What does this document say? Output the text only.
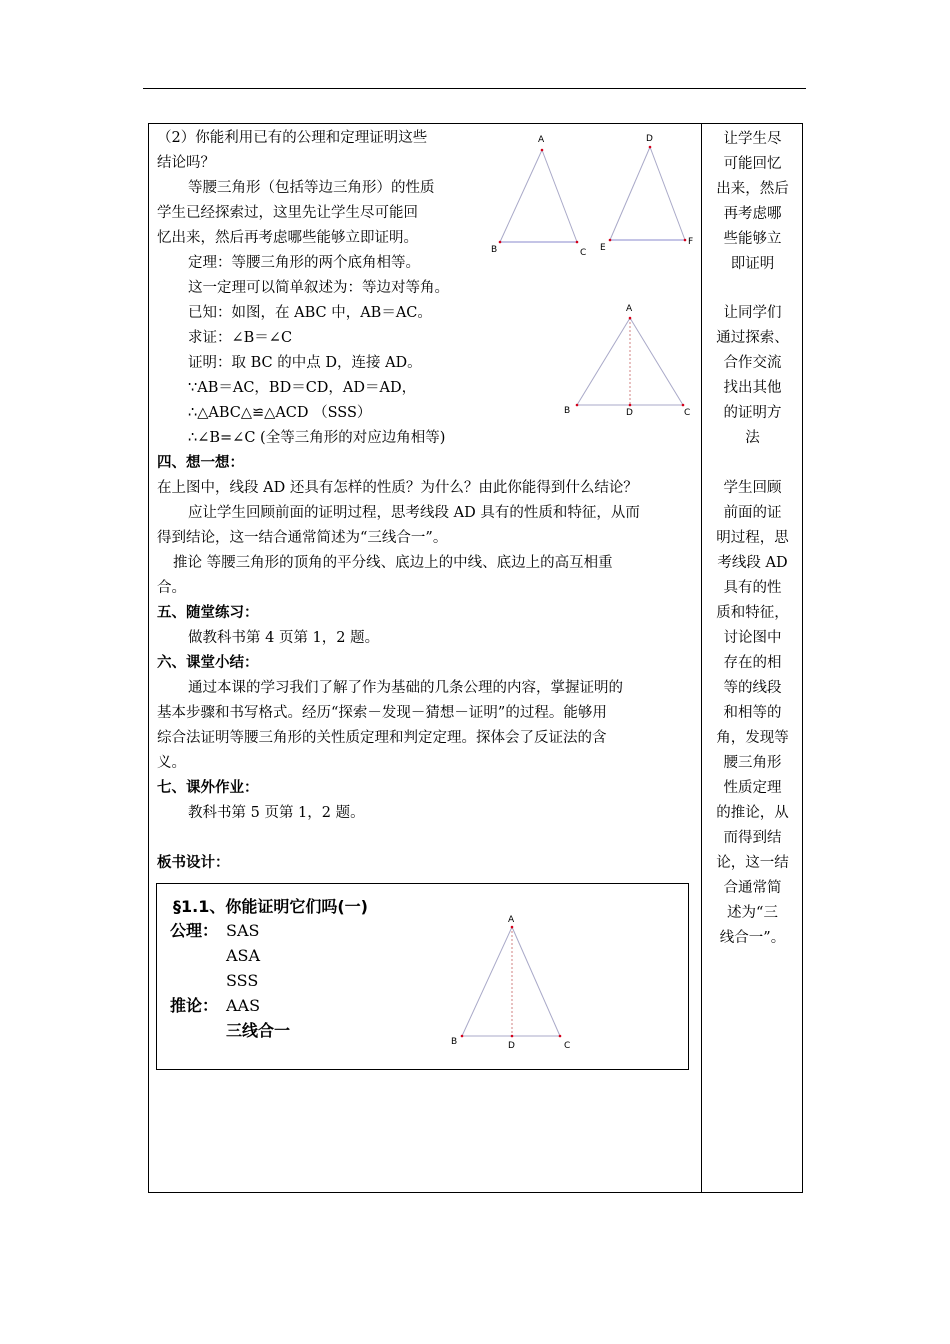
（2）你能利用已有的公理和定理证明这些
结论吗？
等腰三角形（包括等边三角形）的性质
学生已经探索过，这里先让学生尽可能回
忆出来，然后再考虑哪些能够立即证明。
定理：等腰三角形的两个底角相等。
这一定理可以简单叙述为：等边对等角。
已知：如图，在 ABC 中，AB＝AC。
求证：∠B＝∠C
证明：取 BC 的中点 D，连接 AD。
∵AB＝AC，BD＝CD，AD＝AD，
∴△ABC△≌△ACD （SSS）
∴∠B=∠C (全等三角形的对应边角相等)
四、想一想：
在上图中，线段 AD 还具有怎样的性质？为什么？由此你能得到什么结论？
应让学生回顾前面的证明过程，思考线段 AD 具有的性质和特征，从而
得到结论，这一结合通常简述为“三线合一”。
推论 等腰三角形的顶角的平分线、底边上的中线、底边上的高互相重
合。
五、随堂练习：
做教科书第 4 页第 1，2 题。
六、课堂小结：
通过本课的学习我们了解了作为基础的几条公理的内容，掌握证明的
基本步骤和书写格式。经历“探索－发现－猜想－证明”的过程。能够用
综合法证明等腰三角形的关性质定理和判定定理。探体会了反证法的含
义。
七、课外作业：
教科书第 5 页第 1，2 题。
板书设计：
让学生尽
可能回忆
出来，然后
再考虑哪
些能够立
即证明
让同学们
通过探索、
合作交流
找出其他
的证明方
法
学生回顾
前面的证
明过程，思
考线段 AD
具有的性
质和特征，
讨论图中
存在的相
等的线段
和相等的
角，发现等
腰三角形
性质定理
的推论，从
而得到结
论，这一结
合通常简
述为“三
线合一”。
A
B	C
D
E
F
A
B	D	C
§1.1、你能证明它们吗(一)
公理： SAS
ASA
SSS
推论： AAS
三线合一
A
B	D	C
